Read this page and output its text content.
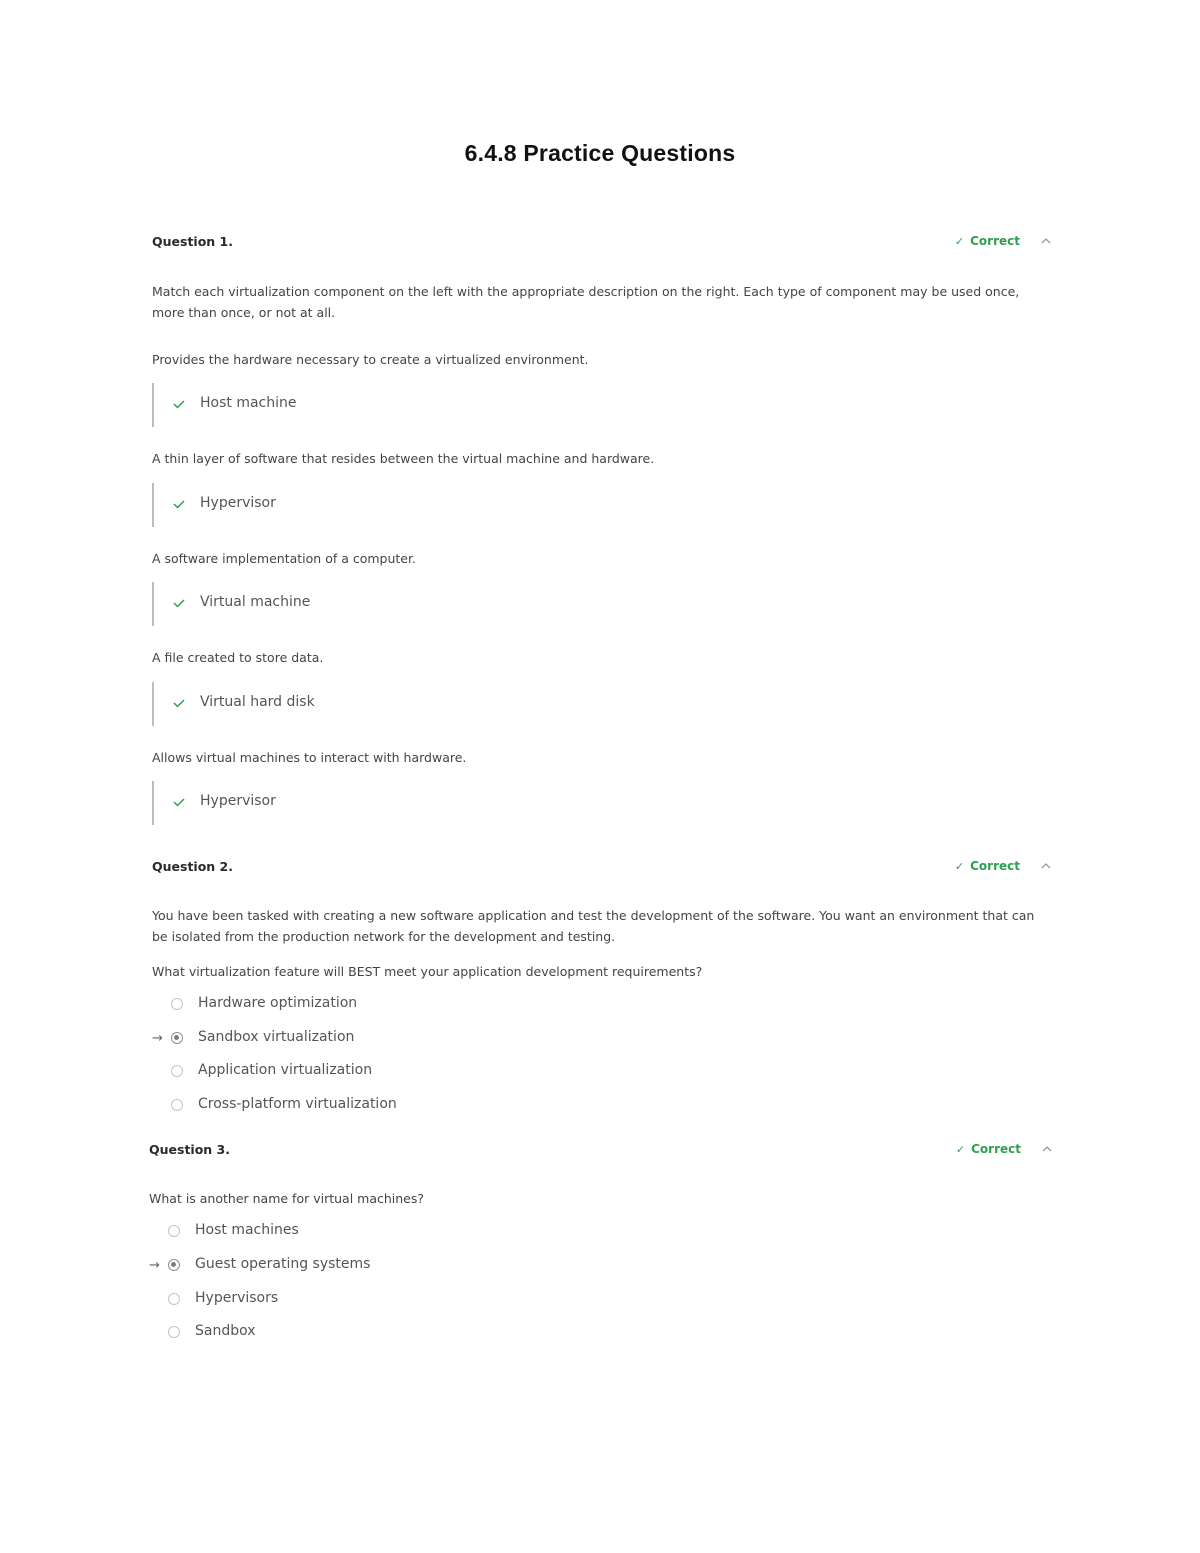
6.4.8 Practice Questions
Question 1.	✓ Correct
Match each virtualization component on the left with the appropriate description on the right. Each type of component may be used once, more than once, or not at all.
Provides the hardware necessary to create a virtualized environment.
Host machine
A thin layer of software that resides between the virtual machine and hardware.
Hypervisor
A software implementation of a computer.
Virtual machine
A file created to store data.
Virtual hard disk
Allows virtual machines to interact with hardware.
Hypervisor
Question 2.	✓ Correct
You have been tasked with creating a new software application and test the development of the software. You want an environment that can be isolated from the production network for the development and testing.
What virtualization feature will BEST meet your application development requirements?
Hardware optimization
→	Sandbox virtualization
Application virtualization
Cross-platform virtualization
Question 3.	✓ Correct
What is another name for virtual machines?
Host machines
→	Guest operating systems
Hypervisors
Sandbox
